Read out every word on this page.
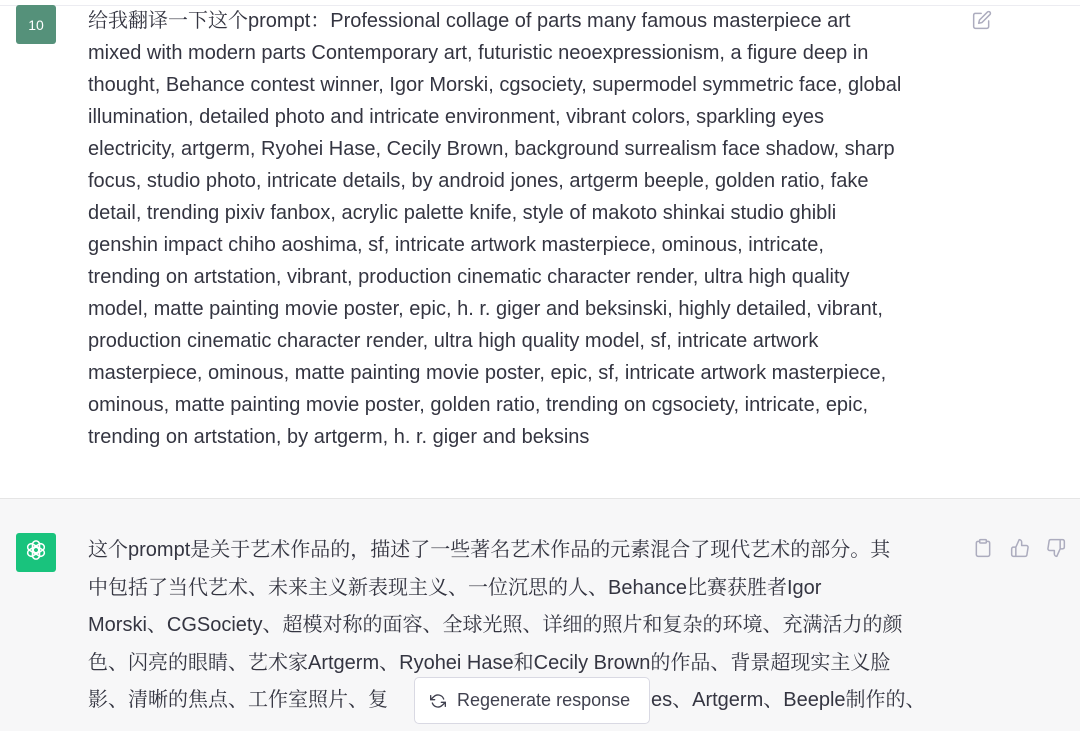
10 给我翻译一下这个prompt：Professional collage of parts many famous masterpiece art
mixed with modern parts Contemporary art, futuristic neoexpressionism, a figure deep in
thought, Behance contest winner, Igor Morski, cgsociety, supermodel symmetric face, global
illumination, detailed photo and intricate environment, vibrant colors, sparkling eyes
electricity, artgerm, Ryohei Hase, Cecily Brown, background surrealism face shadow, sharp
focus, studio photo, intricate details, by android jones, artgerm beeple, golden ratio, fake
detail, trending pixiv fanbox, acrylic palette knife, style of makoto shinkai studio ghibli
genshin impact chiho aoshima, sf, intricate artwork masterpiece, ominous, intricate,
trending on artstation, vibrant, production cinematic character render, ultra high quality
model, matte painting movie poster, epic, h. r. giger and beksinski, highly detailed, vibrant,
production cinematic character render, ultra high quality model, sf, intricate artwork
masterpiece, ominous, matte painting movie poster, epic, sf, intricate artwork masterpiece,
ominous, matte painting movie poster, golden ratio, trending on cgsociety, intricate, epic,
trending on artstation, by artgerm, h. r. giger and beksins
这个prompt是关于艺术作品的，描述了一些著名艺术作品的元素混合了现代艺术的部分。其
中包括了当代艺术、未来主义新表现主义、一位沉思的人、Behance比赛获胜者Igor
Morski、CGSociety、超模对称的面容、全球光照、详细的照片和复杂的环境、充满活力的颜
色、闪亮的眼睛、艺术家Artgerm、Ryohei Hase和Cecily Brown的作品、背景超现实主义脸
影、清晰的焦点、工作室照片、复	es、Artgerm、Beeple制作的、
Regenerate response
